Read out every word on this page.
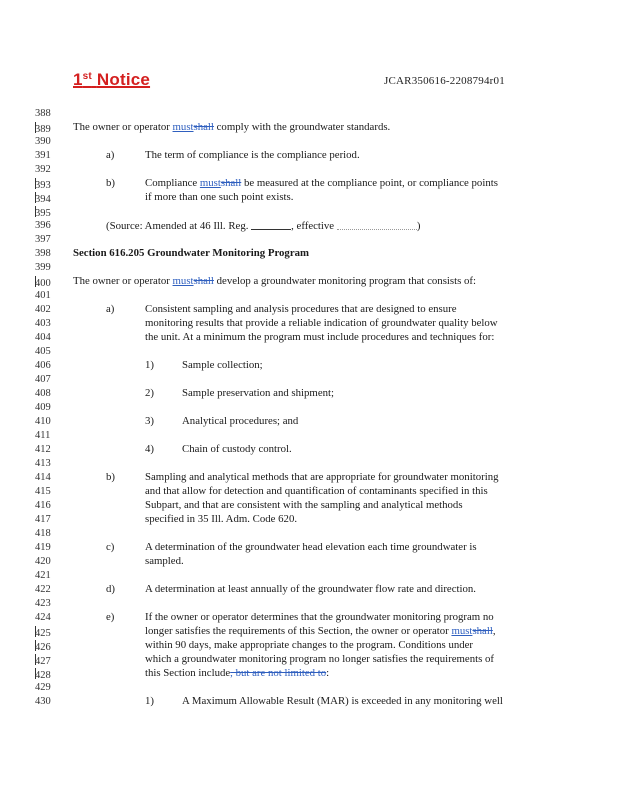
1st Notice	JCAR350616-2208794r01
388
389
390
391
392
393
394
395
396
397
398
399
400
401
402
403
404
405
406
407
408
409
410
411
412
413
414
415
416
417
418
419
420
421
422
423
424
425
426
427
428
429
430
The owner or operator mustshall comply with the groundwater standards.
a)	The term of compliance is the compliance period.
b)	Compliance mustshall be measured at the compliance point, or compliance points
if more than one such point exists.
(Source: Amended at 46 Ill. Reg.	, effective	)
Section 616.205 Groundwater Monitoring Program
The owner or operator mustshall develop a groundwater monitoring program that consists of:
a)	Consistent sampling and analysis procedures that are designed to ensure
monitoring results that provide a reliable indication of groundwater quality below
the unit. At a minimum the program must include procedures and techniques for:
1)	Sample collection;
2)	Sample preservation and shipment;
3)	Analytical procedures; and
4)	Chain of custody control.
b)	Sampling and analytical methods that are appropriate for groundwater monitoring
and that allow for detection and quantification of contaminants specified in this
Subpart, and that are consistent with the sampling and analytical methods
specified in 35 Ill. Adm. Code 620.
c)	A determination of the groundwater head elevation each time groundwater is
sampled.
d)	A determination at least annually of the groundwater flow rate and direction.
e)	If the owner or operator determines that the groundwater monitoring program no
longer satisfies the requirements of this Section, the owner or operator mustshall,
within 90 days, make appropriate changes to the program. Conditions under
which a groundwater monitoring program no longer satisfies the requirements of
this Section include, but are not limited to:
1)	A Maximum Allowable Result (MAR) is exceeded in any monitoring well
